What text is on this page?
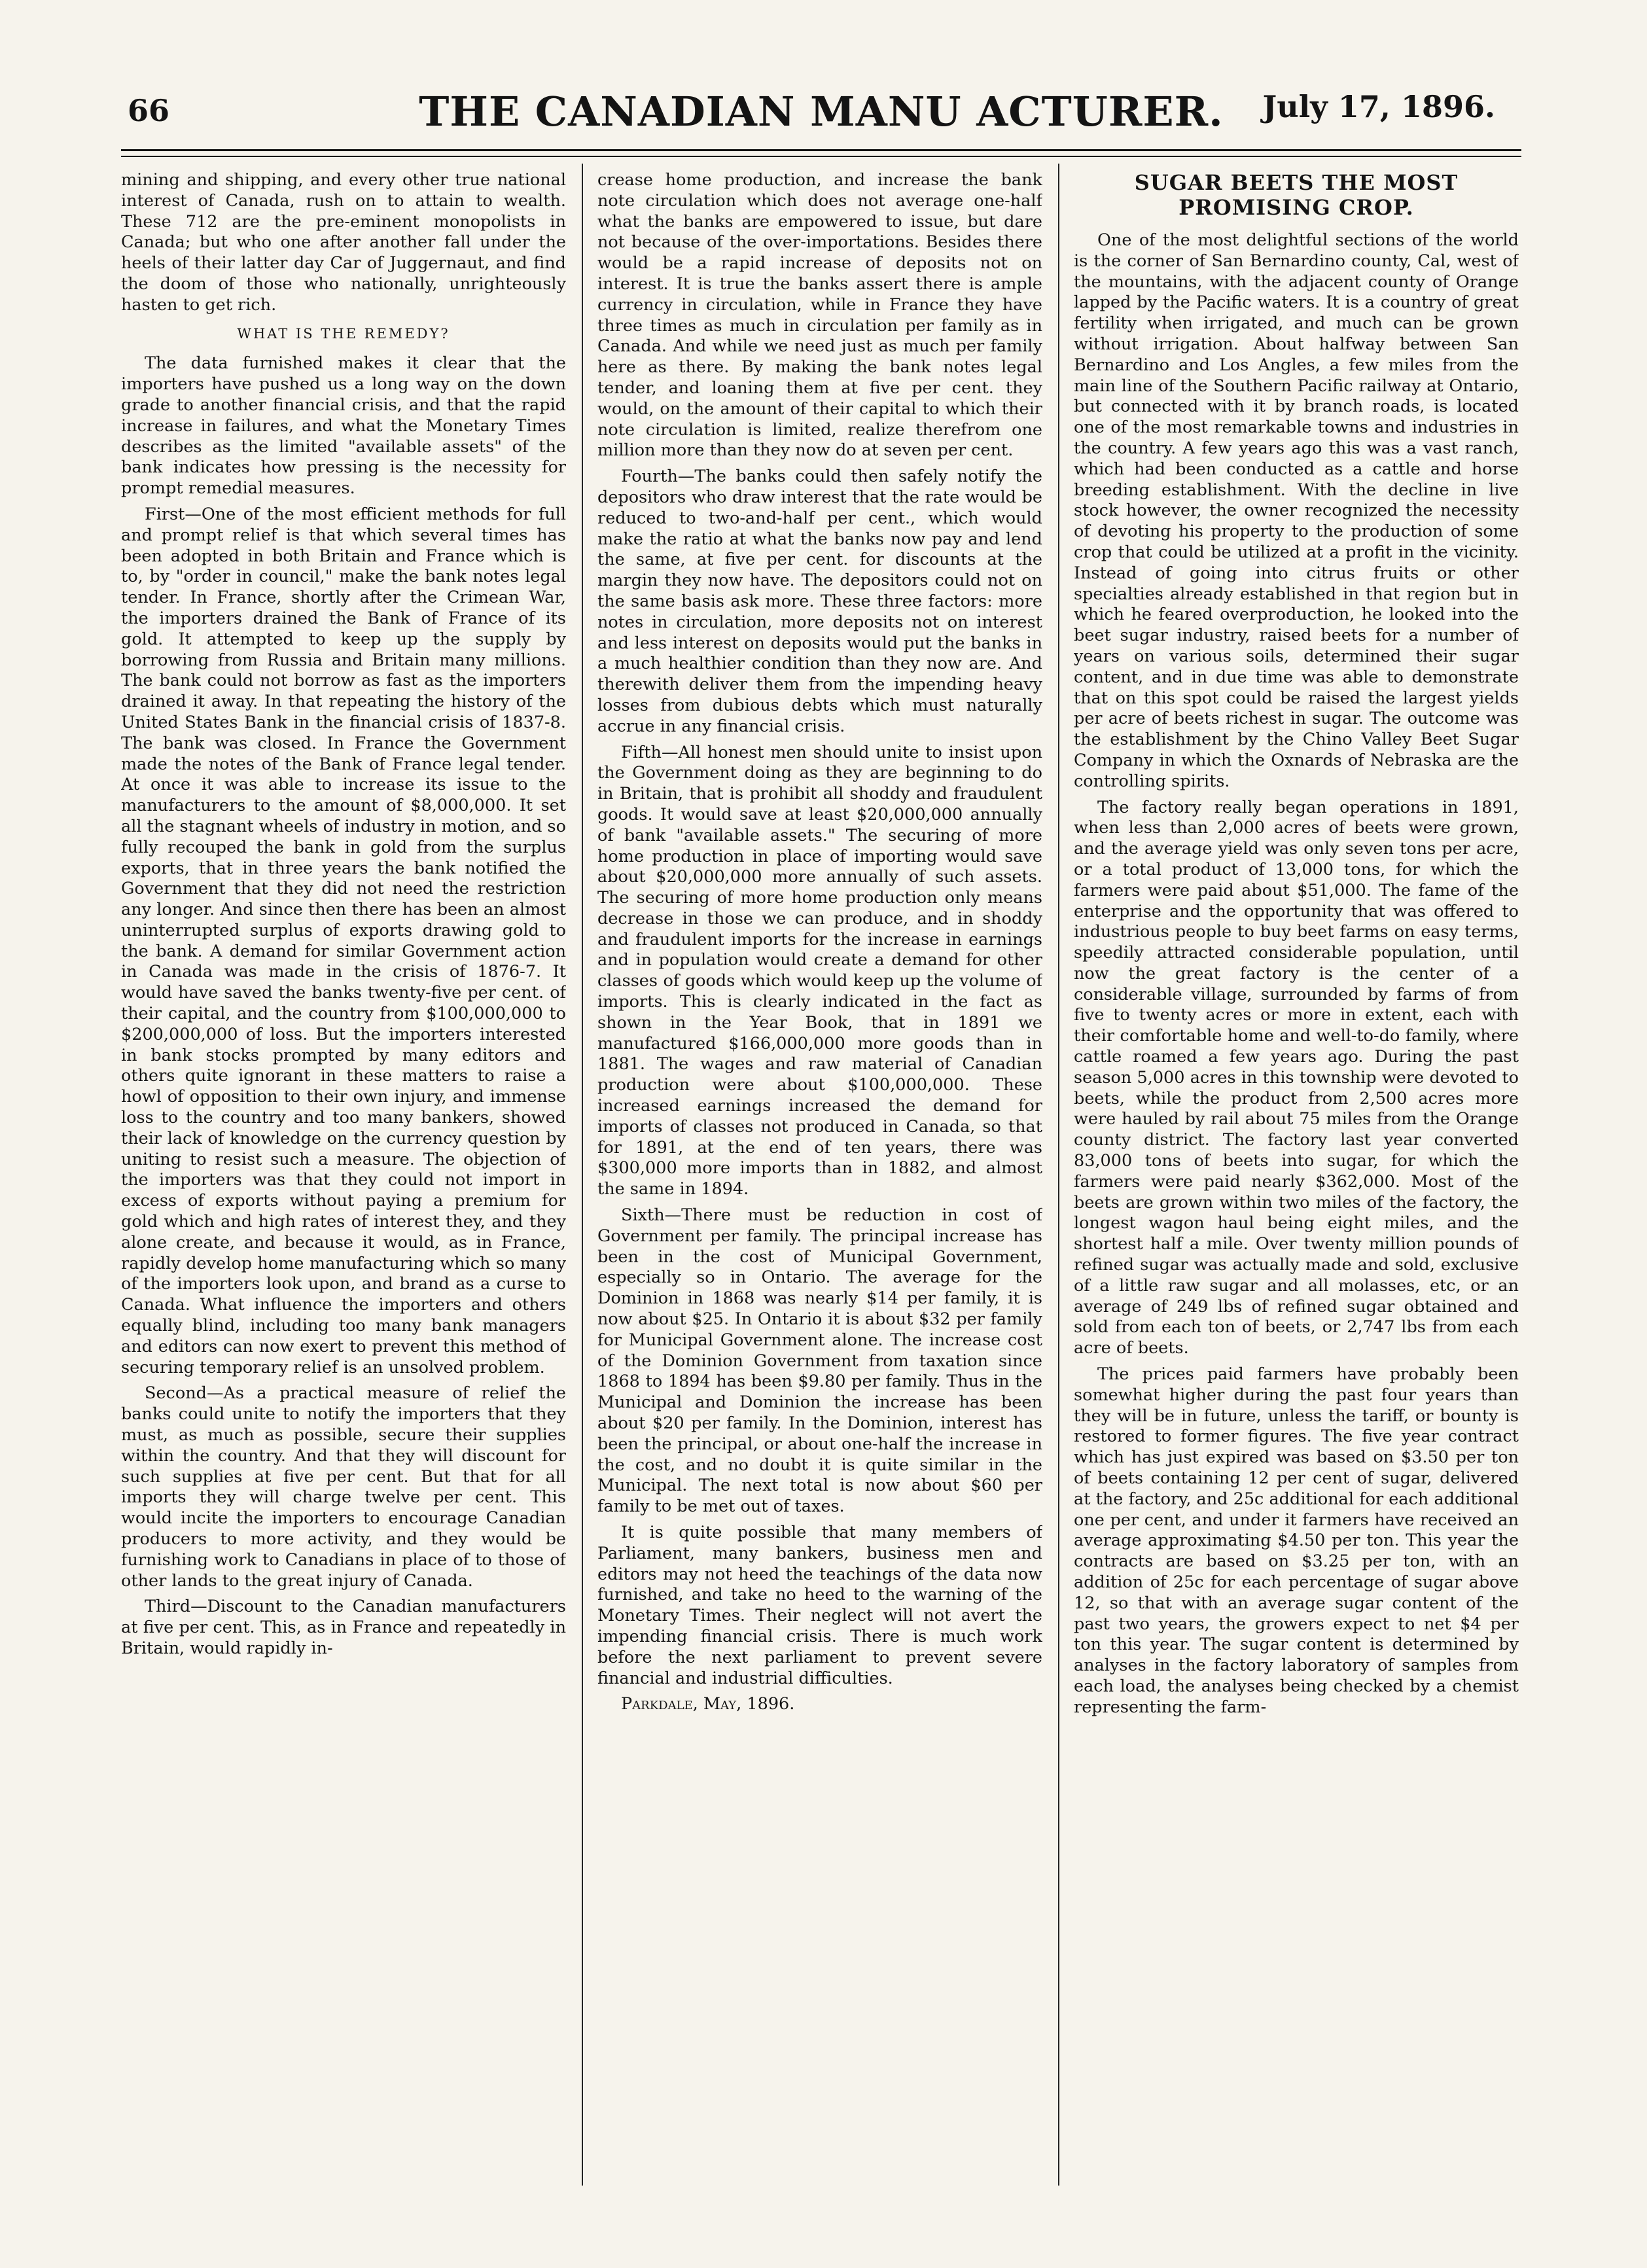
66	THE CANADIAN MANU ACTURER.	July 17, 1896.

mining and shipping, and every other true national interest of Canada, rush on to attain to wealth. These 712 are the pre-eminent monopolists in Canada; but who one after another fall under the heels of their latter day Car of Juggernaut, and find the doom of those who nationally, unrighteously hasten to get rich.

WHAT IS THE REMEDY?

The data furnished makes it clear that the importers have pushed us a long way on the down grade to another financial crisis, and that the rapid increase in failures, and what the Monetary Times describes as the limited "available assets" of the bank indicates how pressing is the necessity for prompt remedial measures.

First—One of the most efficient methods for full and prompt relief is that which several times has been adopted in both Britain and France which is to, by "order in council," make the bank notes legal tender. In France, shortly after the Crimean War, the importers drained the Bank of France of its gold. It attempted to keep up the supply by borrowing from Russia and Britain many millions. The bank could not borrow as fast as the importers drained it away. In that repeating the history of the United States Bank in the financial crisis of 1837-8. The bank was closed. In France the Government made the notes of the Bank of France legal tender. At once it was able to increase its issue to the manufacturers to the amount of $8,000,000. It set all the stagnant wheels of industry in motion, and so fully recouped the bank in gold from the surplus exports, that in three years the bank notified the Government that they did not need the restriction any longer. And since then there has been an almost uninterrupted surplus of exports drawing gold to the bank. A demand for similar Government action in Canada was made in the crisis of 1876-7. It would have saved the banks twenty-five per cent. of their capital, and the country from $100,000,000 to $200,000,000 of loss. But the importers interested in bank stocks prompted by many editors and others quite ignorant in these matters to raise a howl of opposition to their own injury, and immense loss to the country and too many bankers, showed their lack of knowledge on the currency question by uniting to resist such a measure. The objection of the importers was that they could not import in excess of exports without paying a premium for gold which and high rates of interest they, and they alone create, and because it would, as in France, rapidly develop home manufacturing which so many of the importers look upon, and brand as a curse to Canada. What influence the importers and others equally blind, including too many bank managers and editors can now exert to prevent this method of securing temporary relief is an unsolved problem.

Second—As a practical measure of relief the banks could unite to notify the importers that they must, as much as possible, secure their supplies within the country. And that they will discount for such supplies at five per cent. But that for all imports they will charge twelve per cent. This would incite the importers to encourage Canadian producers to more activity, and they would be furnishing work to Canadians in place of to those of other lands to the great injury of Canada.

Third—Discount to the Canadian manufacturers at five per cent. This, as in France and repeatedly in Britain, would rapidly in-

crease home production, and increase the bank note circulation which does not average one-half what the banks are empowered to issue, but dare not because of the over-importations. Besides there would be a rapid increase of deposits not on interest. It is true the banks assert there is ample currency in circulation, while in France they have three times as much in circulation per family as in Canada. And while we need just as much per family here as there. By making the bank notes legal tender, and loaning them at five per cent. they would, on the amount of their capital to which their note circulation is limited, realize therefrom one million more than they now do at seven per cent.

Fourth—The banks could then safely notify the depositors who draw interest that the rate would be reduced to two-and-half per cent., which would make the ratio at what the banks now pay and lend the same, at five per cent. for discounts at the margin they now have. The depositors could not on the same basis ask more. These three factors: more notes in circulation, more deposits not on interest and less interest on deposits would put the banks in a much healthier condition than they now are. And therewith deliver them from the impending heavy losses from dubious debts which must naturally accrue in any financial crisis.

Fifth—All honest men should unite to insist upon the Government doing as they are beginning to do in Britain, that is prohibit all shoddy and fraudulent goods. It would save at least $20,000,000 annually of bank "available assets." The securing of more home production in place of importing would save about $20,000,000 more annually of such assets. The securing of more home production only means decrease in those we can produce, and in shoddy and fraudulent imports for the increase in earnings and in population would create a demand for other classes of goods which would keep up the volume of imports. This is clearly indicated in the fact as shown in the Year Book, that in 1891 we manufactured $166,000,000 more goods than in 1881. The wages and raw material of Canadian production were about $100,000,000. These increased earnings increased the demand for imports of classes not produced in Canada, so that for 1891, at the end of ten years, there was $300,000 more imports than in 1882, and almost the same in 1894.

Sixth—There must be reduction in cost of Government per family. The principal increase has been in the cost of Municipal Government, especially so in Ontario. The average for the Dominion in 1868 was nearly $14 per family, it is now about $25. In Ontario it is about $32 per family for Municipal Government alone. The increase cost of the Dominion Government from taxation since 1868 to 1894 has been $9.80 per family. Thus in the Municipal and Dominion the increase has been about $20 per family. In the Dominion, interest has been the principal, or about one-half the increase in the cost, and no doubt it is quite similar in the Municipal. The next total is now about $60 per family to be met out of taxes.

It is quite possible that many members of Parliament, many bankers, business men and editors may not heed the teachings of the data now furnished, and take no heed to the warning of the Monetary Times. Their neglect will not avert the impending financial crisis. There is much work before the next parliament to prevent severe financial and industrial difficulties.

Parkdale, May, 1896.

SUGAR BEETS THE MOST PROMISING CROP.

One of the most delightful sections of the world is the corner of San Bernardino county, Cal, west of the mountains, with the adjacent county of Orange lapped by the Pacific waters. It is a country of great fertility when irrigated, and much can be grown without irrigation. About halfway between San Bernardino and Los Angles, a few miles from the main line of the Southern Pacific railway at Ontario, but connected with it by branch roads, is located one of the most remarkable towns and industries in the country. A few years ago this was a vast ranch, which had been conducted as a cattle and horse breeding establishment. With the decline in live stock however, the owner recognized the necessity of devoting his property to the production of some crop that could be utilized at a profit in the vicinity. Instead of going into citrus fruits or other specialties already established in that region but in which he feared overproduction, he looked into the beet sugar industry, raised beets for a number of years on various soils, determined their sugar content, and in due time was able to demonstrate that on this spot could be raised the largest yields per acre of beets richest in sugar. The outcome was the establishment by the Chino Valley Beet Sugar Company in which the Oxnards of Nebraska are the controlling spirits.

The factory really began operations in 1891, when less than 2,000 acres of beets were grown, and the average yield was only seven tons per acre, or a total product of 13,000 tons, for which the farmers were paid about $51,000. The fame of the enterprise and the opportunity that was offered to industrious people to buy beet farms on easy terms, speedily attracted considerable population, until now the great factory is the center of a considerable village, surrounded by farms of from five to twenty acres or more in extent, each with their comfortable home and well-to-do family, where cattle roamed a few years ago. During the past season 5,000 acres in this township were devoted to beets, while the product from 2,500 acres more were hauled by rail about 75 miles from the Orange county district. The factory last year converted 83,000 tons of beets into sugar, for which the farmers were paid nearly $362,000. Most of the beets are grown within two miles of the factory, the longest wagon haul being eight miles, and the shortest half a mile. Over twenty million pounds of refined sugar was actually made and sold, exclusive of a little raw sugar and all molasses, etc, or an average of 249 lbs of refined sugar obtained and sold from each ton of beets, or 2,747 lbs from each acre of beets.

The prices paid farmers have probably been somewhat higher during the past four years than they will be in future, unless the tariff, or bounty is restored to former figures. The five year contract which has just expired was based on $3.50 per ton of beets containing 12 per cent of sugar, delivered at the factory, and 25c additional for each additional one per cent, and under it farmers have received an average approximating $4.50 per ton. This year the contracts are based on $3.25 per ton, with an addition of 25c for each percentage of sugar above 12, so that with an average sugar content of the past two years, the growers expect to net $4 per ton this year. The sugar content is determined by analyses in the factory laboratory of samples from each load, the analyses being checked by a chemist representing the farm-
